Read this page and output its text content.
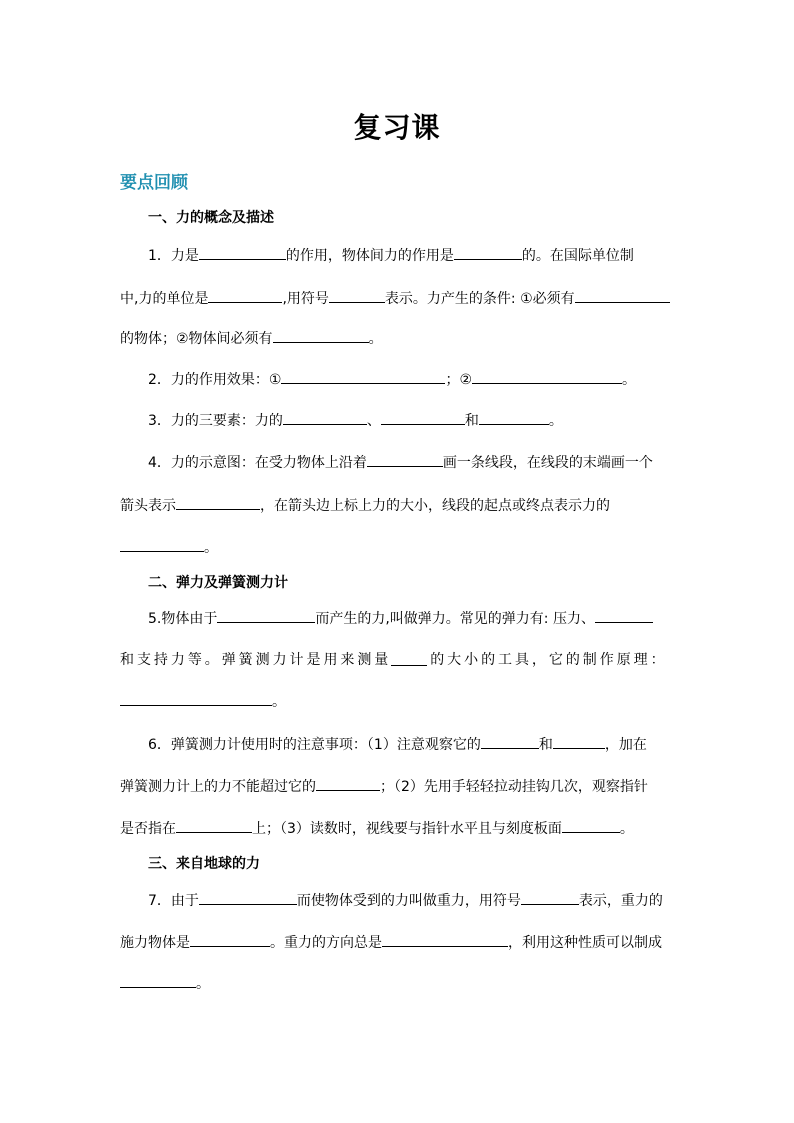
复习课
要点回顾
一、力的概念及描述
1．力是	的作用，物体间力的作用是	的。在国际单位制
中,力的单位是	,用符号	表示。力产生的条件: ①必须有
的物体；②物体间必须有	。
2．力的作用效果：①	；②	。
3．力的三要素：力的	、	和	。
4．力的示意图：在受力物体上沿着	画一条线段，在线段的末端画一个
箭头表示	，在箭头边上标上力的大小，线段的起点或终点表示力的
。
二、弹力及弹簧测力计
5.物体由于	而产生的力,叫做弹力。常见的弹力有: 压力、
和 支 持 力 等 。 弹 簧 测 力 计 是 用 来 测 量	的 大 小 的 工 具 ， 它 的 制 作 原 理 ：
。
6．弹簧测力计使用时的注意事项：（1）注意观察它的	和	，加在
弹簧测力计上的力不能超过它的	；（2）先用手轻轻拉动挂钩几次，观察指针
是否指在	上；（3）读数时，视线要与指针水平且与刻度板面	。
三、来自地球的力
7．由于	而使物体受到的力叫做重力，用符号	表示，重力的
施力物体是	。重力的方向总是	，利用这种性质可以制成
。
